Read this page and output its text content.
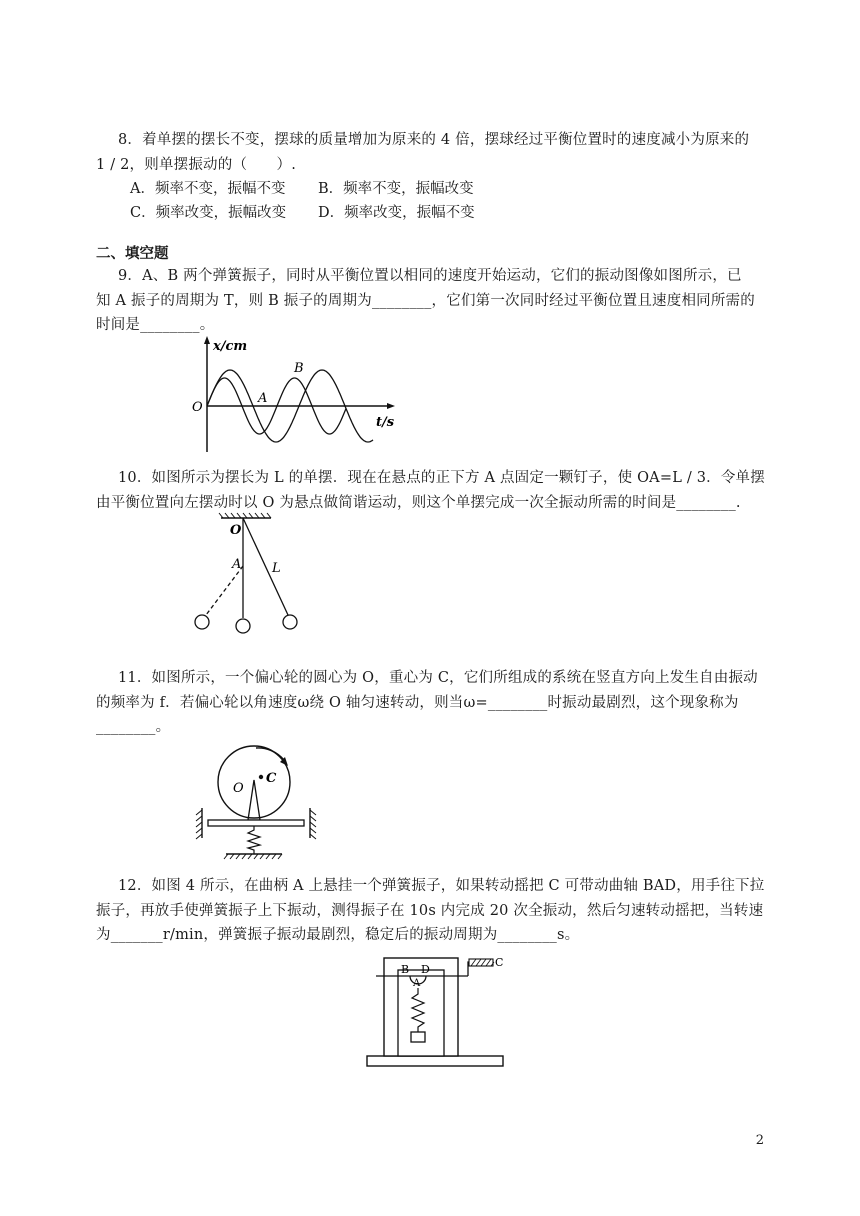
8．着单摆的摆长不变，摆球的质量增加为原来的 4 倍，摆球经过平衡位置时的速度减小为原来的
1 / 2，则单摆振动的（　　）.
A．频率不变，振幅不变 B．频率不变，振幅改变
C．频率改变，振幅改变 D．频率改变，振幅不变
二、填空题
9．A、B 两个弹簧振子，同时从平衡位置以相同的速度开始运动，它们的振动图像如图所示，已
知 A 振子的周期为 T，则 B 振子的周期为________，它们第一次同时经过平衡位置且速度相同所需的
时间是________。
x/cm
t/s
O
A
B
10．如图所示为摆长为 L 的单摆．现在在悬点的正下方 A 点固定一颗钉子，使 OA=L / 3．令单摆
由平衡位置向左摆动时以 O 为悬点做简谐运动，则这个单摆完成一次全振动所需的时间是________.
O
A L
11．如图所示，一个偏心轮的圆心为 O，重心为 C，它们所组成的系统在竖直方向上发生自由振动
的频率为 f．若偏心轮以角速度ω绕 O 轴匀速转动，则当ω=________时振动最剧烈，这个现象称为
________。
C
O
12．如图 4 所示，在曲柄 A 上悬挂一个弹簧振子，如果转动摇把 C 可带动曲轴 BAD，用手往下拉
振子，再放手使弹簧振子上下振动，测得振子在 10s 内完成 20 次全振动，然后匀速转动摇把，当转速
为_______r/min，弹簧振子振动最剧烈，稳定后的振动周期为________s。
C
B D
A
2
